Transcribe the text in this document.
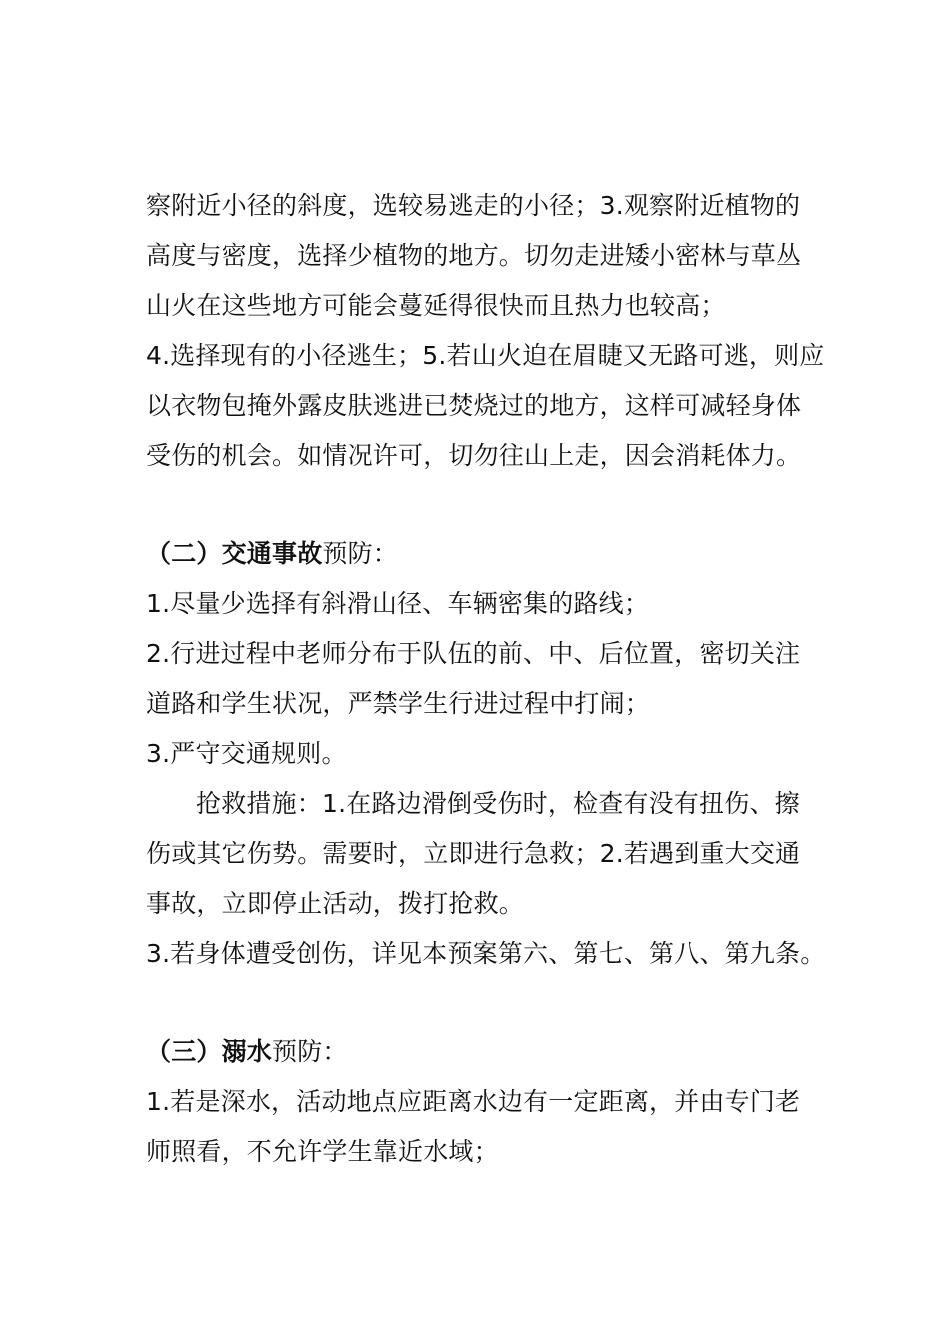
察附近小径的斜度，选较易逃走的小径；3.观察附近植物的
高度与密度，选择少植物的地方。切勿走进矮小密林与草丛
山火在这些地方可能会蔓延得很快而且热力也较高；
4.选择现有的小径逃生；5.若山火迫在眉睫又无路可逃，则应
以衣物包掩外露皮肤逃进已焚烧过的地方，这样可减轻身体
受伤的机会。如情况许可，切勿往山上走，因会消耗体力。
（二）交通事故预防：
1.尽量少选择有斜滑山径、车辆密集的路线；
2.行进过程中老师分布于队伍的前、中、后位置，密切关注
道路和学生状况，严禁学生行进过程中打闹；
3.严守交通规则。
抢救措施：1.在路边滑倒受伤时，检查有没有扭伤、擦
伤或其它伤势。需要时，立即进行急救；2.若遇到重大交通
事故，立即停止活动，拨打抢救。
3.若身体遭受创伤，详见本预案第六、第七、第八、第九条。
（三）溺水预防：
1.若是深水，活动地点应距离水边有一定距离，并由专门老
师照看，不允许学生靠近水域；
